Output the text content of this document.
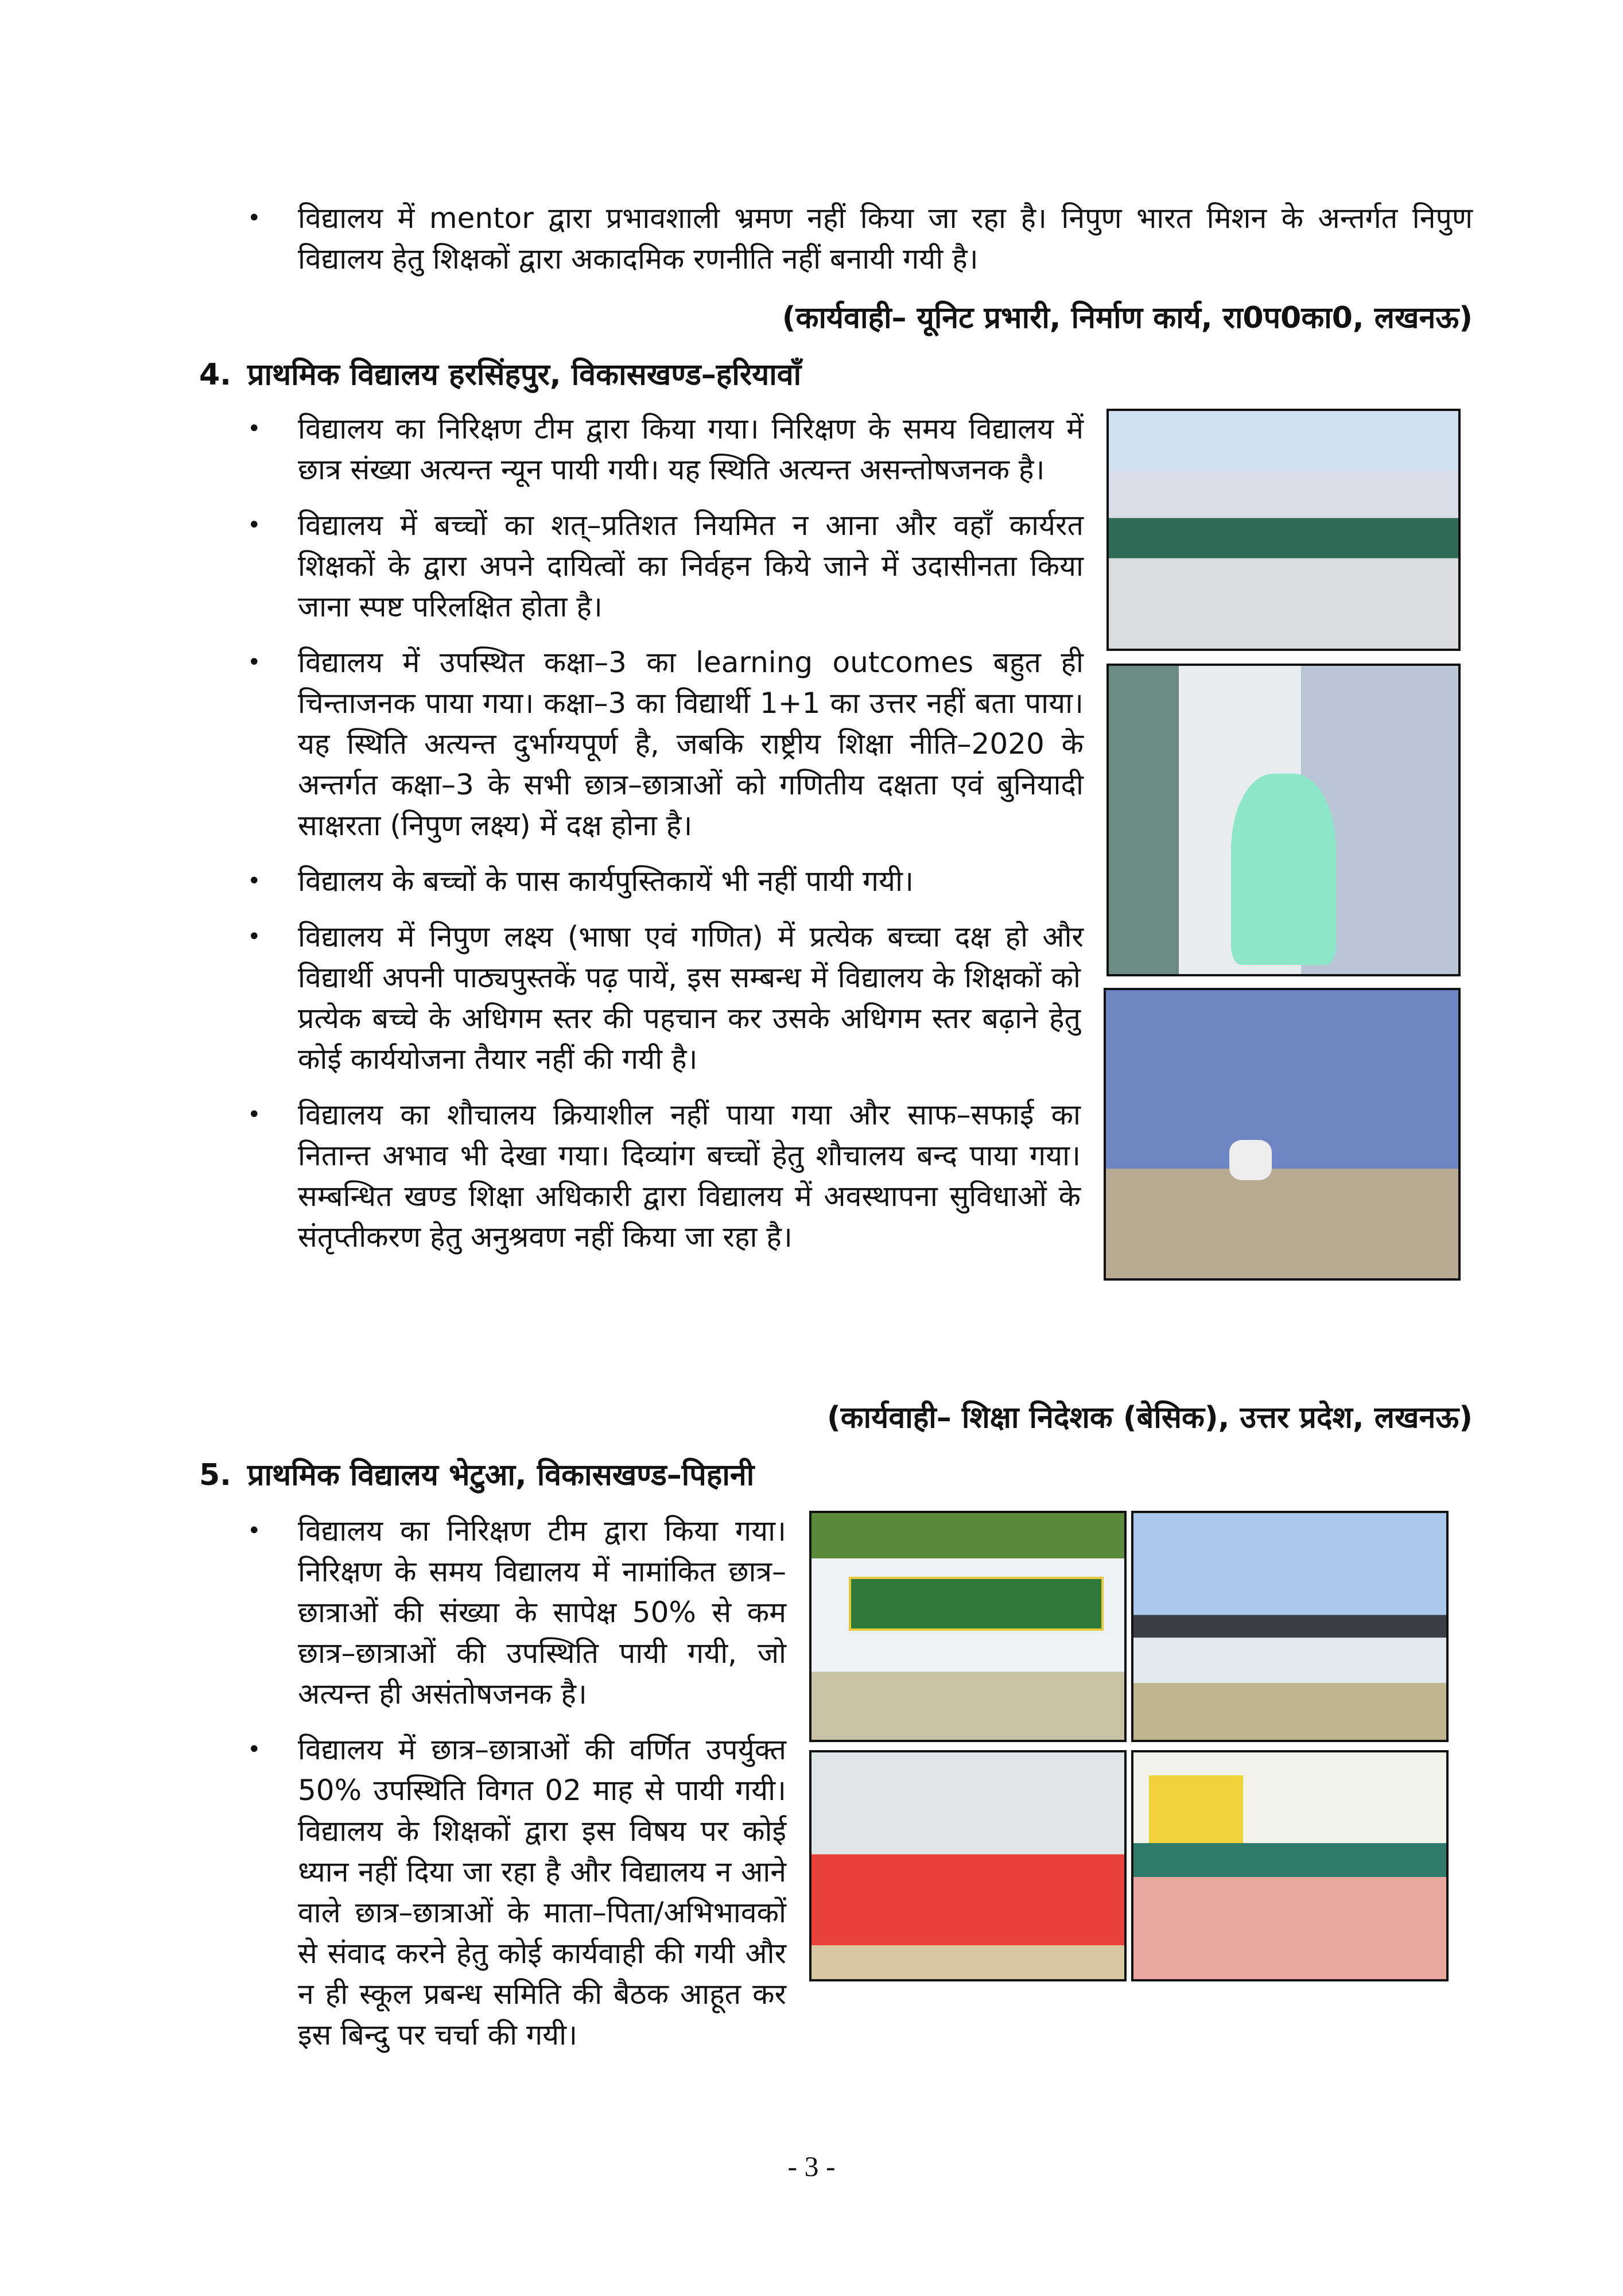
• विद्यालय में mentor द्वारा प्रभावशाली भ्रमण नहीं किया जा रहा है। निपुण भारत मिशन के अन्तर्गत निपुण विद्यालय हेतु शिक्षकों द्वारा अकादमिक रणनीति नहीं बनायी गयी है।

(कार्यवाही– यूनिट प्रभारी, निर्माण कार्य, रा0प0का0, लखनऊ)
4. प्राथमिक विद्यालय हरसिंहपुर, विकासखण्ड–हरियावाँ

• विद्यालय का निरिक्षण टीम द्वारा किया गया। निरिक्षण के समय विद्यालय में छात्र संख्या अत्यन्त न्यून पायी गयी। यह स्थिति अत्यन्त असन्तोषजनक है।

• विद्यालय में बच्चों का शत्–प्रतिशत नियमित न आना और वहाँ कार्यरत शिक्षकों के द्वारा अपने दायित्वों का निर्वहन किये जाने में उदासीनता किया जाना स्पष्ट परिलक्षित होता है।

• विद्यालय में उपस्थित कक्षा–3 का learning outcomes बहुत ही चिन्ताजनक पाया गया। कक्षा–3 का विद्यार्थी 1+1 का उत्तर नहीं बता पाया। यह स्थिति अत्यन्त दुर्भाग्यपूर्ण है, जबकि राष्ट्रीय शिक्षा नीति–2020 के अन्तर्गत कक्षा–3 के सभी छात्र–छात्राओं को गणितीय दक्षता एवं बुनियादी साक्षरता (निपुण लक्ष्य) में दक्ष होना है।

• विद्यालय के बच्चों के पास कार्यपुस्तिकायें भी नहीं पायी गयी।

• विद्यालय में निपुण लक्ष्य (भाषा एवं गणित) में प्रत्येक बच्चा दक्ष हो और विद्यार्थी अपनी पाठ्यपुस्तकें पढ़ पायें, इस सम्बन्ध में विद्यालय के शिक्षकों को प्रत्येक बच्चे के अधिगम स्तर की पहचान कर उसके अधिगम स्तर बढ़ाने हेतु कोई कार्ययोजना तैयार नहीं की गयी है।

• विद्यालय का शौचालय क्रियाशील नहीं पाया गया और साफ–सफाई का नितान्त अभाव भी देखा गया। दिव्यांग बच्चों हेतु शौचालय बन्द पाया गया। सम्बन्धित खण्ड शिक्षा अधिकारी द्वारा विद्यालय में अवस्थापना सुविधाओं के संतृप्तीकरण हेतु अनुश्रवण नहीं किया जा रहा है।

(कार्यवाही– शिक्षा निदेशक (बेसिक), उत्तर प्रदेश, लखनऊ)
5. प्राथमिक विद्यालय भेटुआ, विकासखण्ड–पिहानी

• विद्यालय का निरिक्षण टीम द्वारा किया गया। निरिक्षण के समय विद्यालय में नामांकित छात्र–छात्राओं की संख्या के सापेक्ष 50% से कम छात्र–छात्राओं की उपस्थिति पायी गयी, जो अत्यन्त ही असंतोषजनक है।

• विद्यालय में छात्र–छात्राओं की वर्णित उपर्युक्त 50% उपस्थिति विगत 02 माह से पायी गयी। विद्यालय के शिक्षकों द्वारा इस विषय पर कोई ध्यान नहीं दिया जा रहा है और विद्यालय न आने वाले छात्र–छात्राओं के माता–पिता/अभिभावकों से संवाद करने हेतु कोई कार्यवाही की गयी और न ही स्कूल प्रबन्ध समिति की बैठक आहूत कर इस बिन्दु पर चर्चा की गयी।

- 3 -
